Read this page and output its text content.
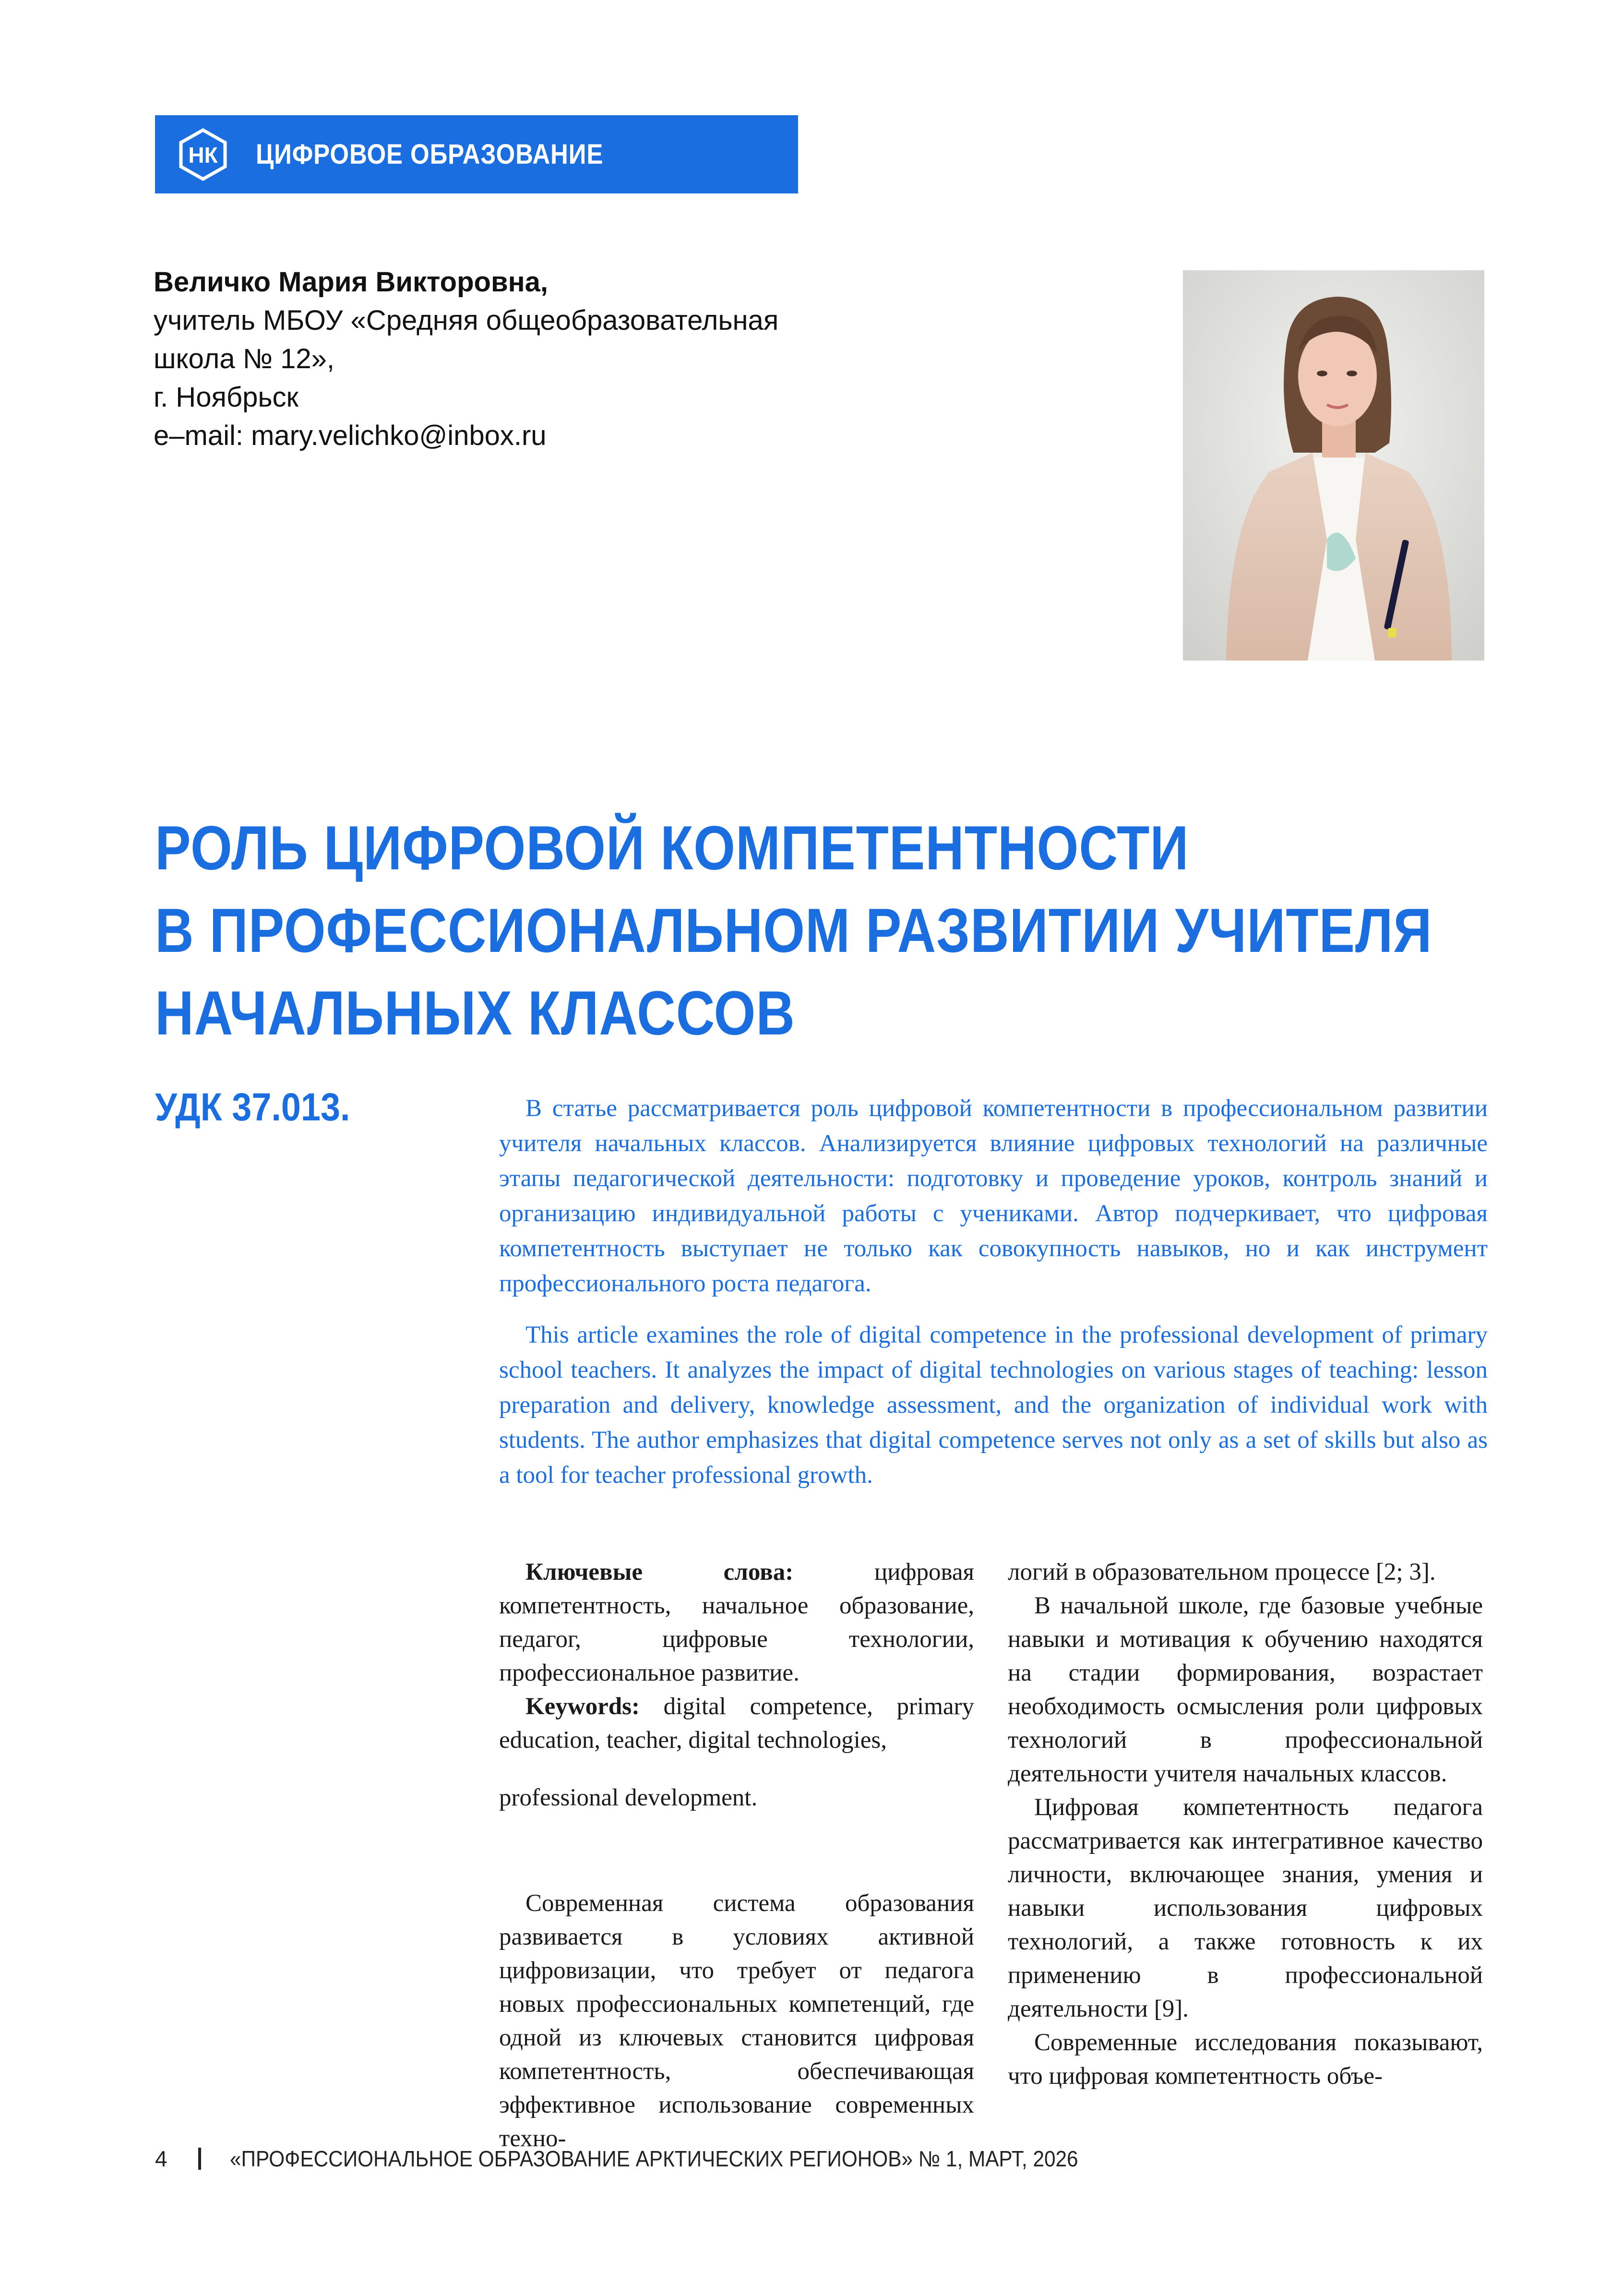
НК ЦИФРОВОЕ ОБРАЗОВАНИЕ
Величко Мария Викторовна,
учитель МБОУ «Средняя общеобразовательная
школа № 12»,
г. Ноябрьск
e–mail: mary.velichko@inbox.ru
РОЛЬ ЦИФРОВОЙ КОМПЕТЕНТНОСТИ
В ПРОФЕССИОНАЛЬНОМ РАЗВИТИИ УЧИТЕЛЯ
НАЧАЛЬНЫХ КЛАССОВ
УДК 37.013.	В статье рассматривается роль цифровой компетентности в профессиональном развитии учителя начальных классов. Анализируется влияние цифровых технологий на различные этапы педагогической деятельности: подготовку и проведение уроков, контроль знаний и организацию индивидуальной работы с учениками. Автор подчеркивает, что цифровая компетентность выступает не только как совокупность навыков, но и как инструмент профессионального роста педагога.

This article examines the role of digital competence in the professional development of primary school teachers. It analyzes the impact of digital technologies on various stages of teaching: lesson preparation and delivery, knowledge assessment, and the organization of individual work with students. The author emphasizes that digital competence serves not only as a set of skills but also as a tool for teacher professional growth.

Ключевые слова: цифровая компетентность, начальное образование, педагог, цифровые технологии, профессиональное развитие.

Keywords: digital competence, primary education, teacher, digital technologies,

professional development.

Современная система образования развивается в условиях активной цифровизации, что требует от педагога новых профессиональных компетенций, где одной из ключевых становится цифровая компетентность, обеспечивающая эффективное использование современных техно-

логий в образовательном процессе [2; 3].

В начальной школе, где базовые учебные навыки и мотивация к обучению находятся на стадии формирования, возрастает необходимость осмысления роли цифровых технологий в профессиональной деятельности учителя начальных классов.

Цифровая компетентность педагога рассматривается как интегративное качество личности, включающее знания, умения и навыки использования цифровых технологий, а также готовность к их применению в профессиональной деятельности [9].

Современные исследования показывают, что цифровая компетентность объе-

4	«ПРОФЕССИОНАЛЬНОЕ ОБРАЗОВАНИЕ АРКТИЧЕСКИХ РЕГИОНОВ» № 1, МАРТ, 2026
